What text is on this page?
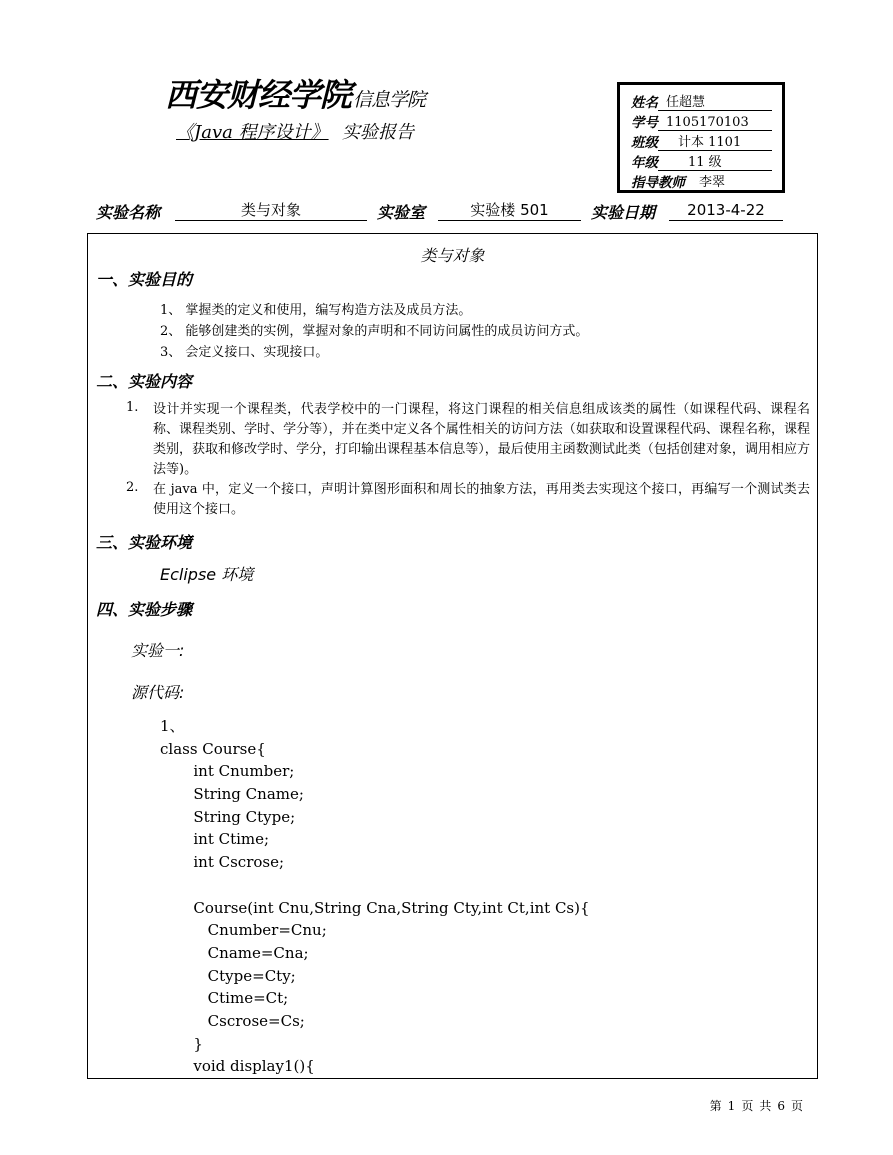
西安财经学院 信息学院
《Java 程序设计》 实验报告
姓名 任超慧
学号 1105170103
班级	计本 1101
年级	11 级
指导教师	李翠
实验名称	类与对象	实验室	实验楼 501	实验日期	2013-4-22
类与对象
一、实验目的
1、 掌握类的定义和使用，编写构造方法及成员方法。
2、 能够创建类的实例，掌握对象的声明和不同访问属性的成员访问方式。
3、 会定义接口、实现接口。
二、实验内容
1.	设计并实现一个课程类，代表学校中的一门课程，将这门课程的相关信息组成该类的属性（如课程代码、课程名称、课程类别、学时、学分等），并在类中定义各个属性相关的访问方法（如获取和设置课程代码、课程名称，课程类别，获取和修改学时、学分，打印输出课程基本信息等），最后使用主函数测试此类（包括创建对象，调用相应方法等)。
2.	在 java 中，定义一个接口，声明计算图形面积和周长的抽象方法，再用类去实现这个接口，再编写一个测试类去使用这个接口。
三、实验环境
Eclipse 环境
四、实验步骤
实验一:
源代码:
1、
class Course{
int Cnumber;
String Cname;
String Ctype;
int Ctime;
int Cscrose;
Course(int Cnu,String Cna,String Cty,int Ct,int Cs){
Cnumber=Cnu;
Cname=Cna;
Ctype=Cty;
Ctime=Ct;
Cscrose=Cs;
}
void display1(){
第 1 页 共 6 页
